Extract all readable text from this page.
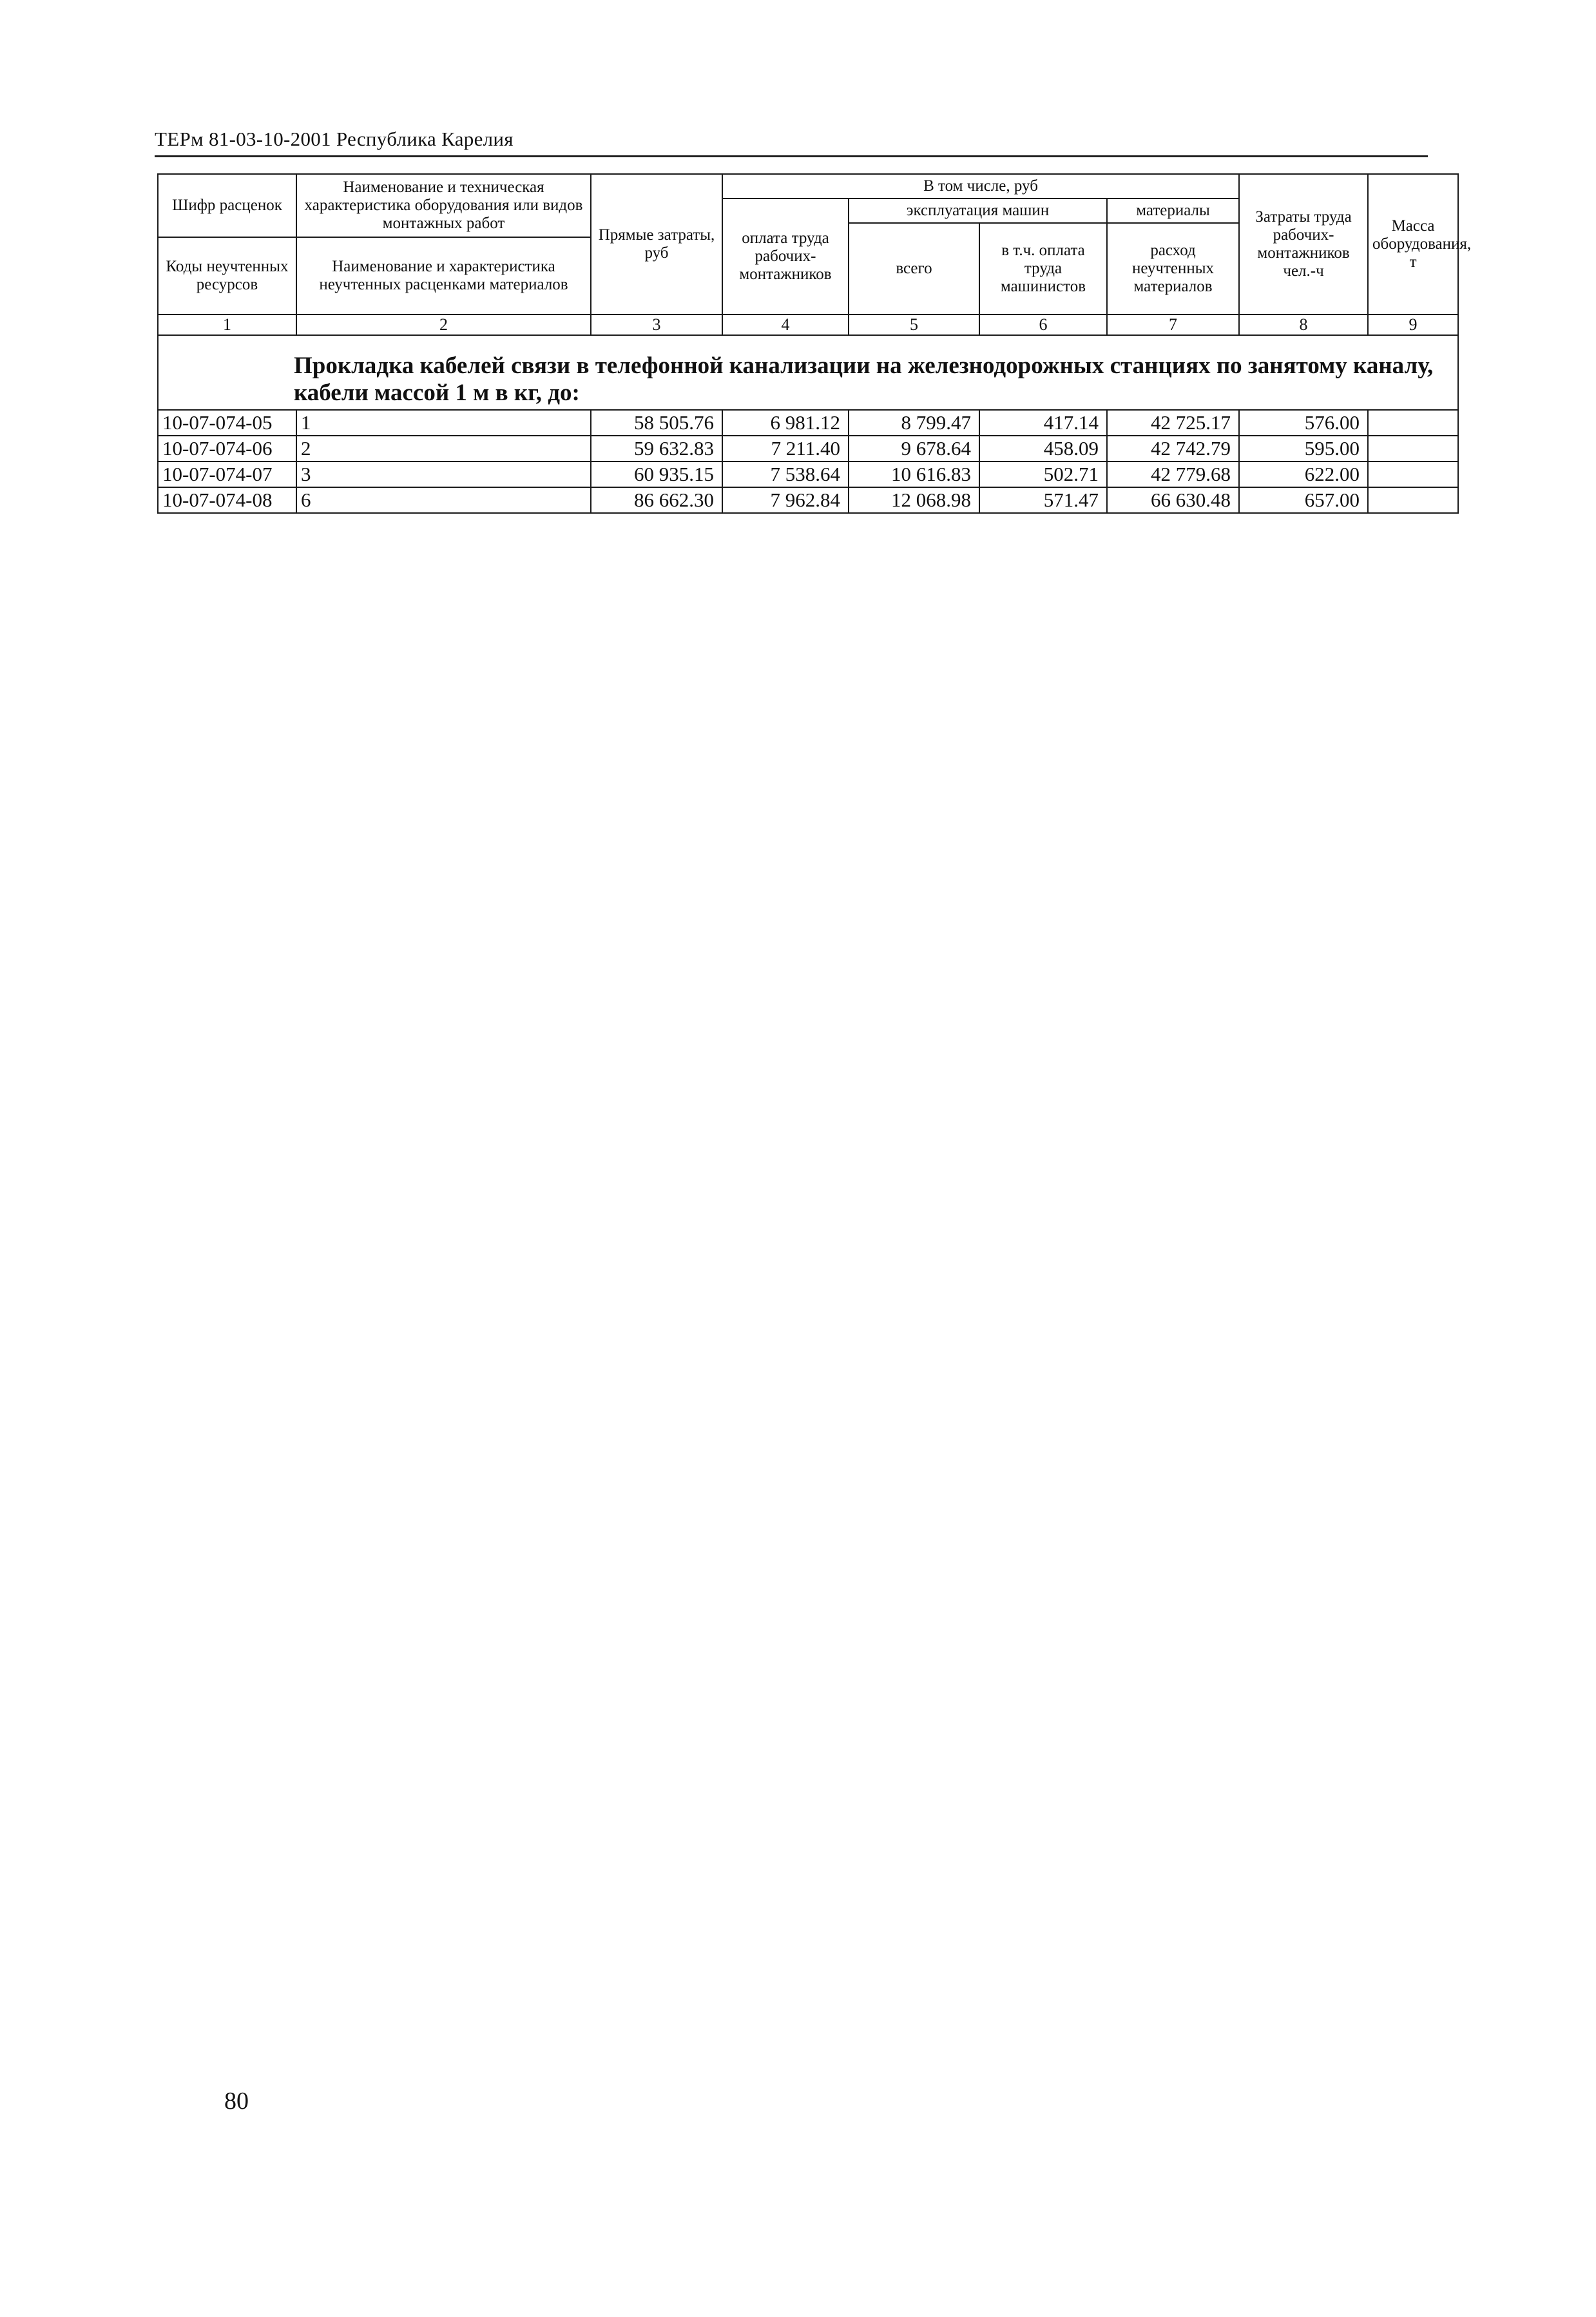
ТЕРм 81-03-10-2001 Республика Карелия
Шифр расценок	Наименование и техническая характеристика оборудования или видов монтажных работ	Прямые затраты, руб	В том числе, руб				Затраты труда рабочих-монтажников чел.-ч	Масса оборудования, т
			оплата труда рабочих-монтажников	эксплуатация машин		материалы		
				всего	в т.ч. оплата труда машинистов	расход неучтенных материалов		
Коды неучтенных ресурсов	Наименование и характеристика неучтенных расценками материалов							

1	2	3	4	5	6	7	8	9
Прокладка кабелей связи в телефонной канализации на железнодорожных станциях по занятому каналу, кабели массой 1 м в кг, до:								
10-07-074-05	1	58 505.76	6 981.12	8 799.47	417.14	42 725.17	576.00	
10-07-074-06	2	59 632.83	7 211.40	9 678.64	458.09	42 742.79	595.00	
10-07-074-07	3	60 935.15	7 538.64	10 616.83	502.71	42 779.68	622.00	
10-07-074-08	6	86 662.30	7 962.84	12 068.98	571.47	66 630.48	657.00	
80
